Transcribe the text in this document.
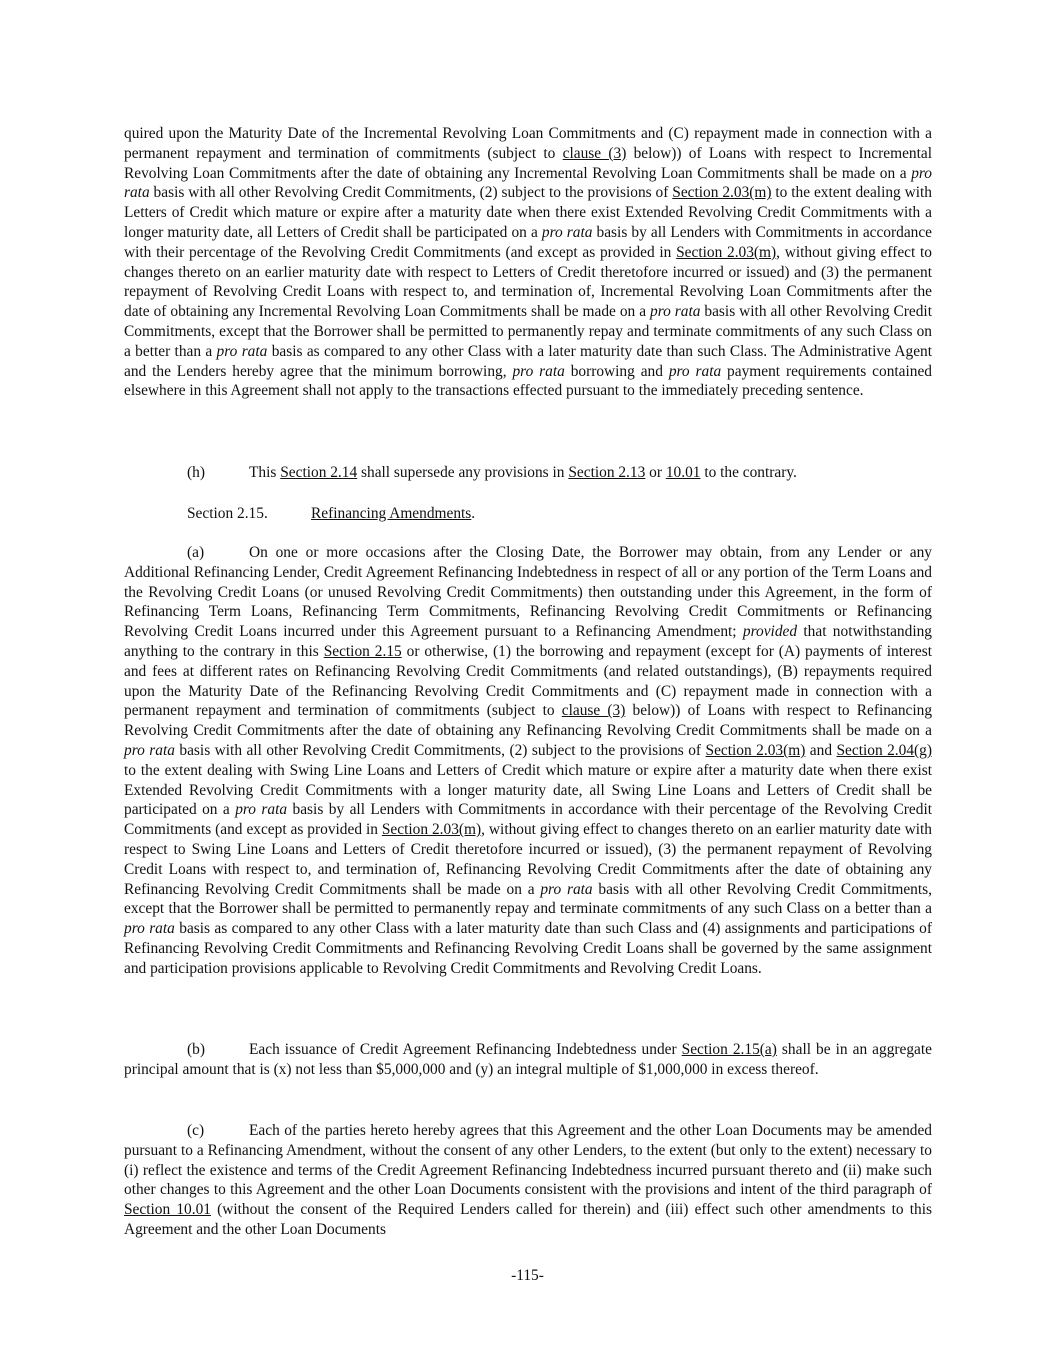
quired upon the Maturity Date of the Incremental Revolving Loan Commitments and (C) repayment made in connection with a permanent repayment and termination of commitments (subject to clause (3) below)) of Loans with respect to Incremental Revolving Loan Commitments after the date of obtaining any Incremental Revolving Loan Commitments shall be made on a pro rata basis with all other Revolving Credit Commitments, (2) subject to the provisions of Section 2.03(m) to the extent dealing with Letters of Credit which mature or expire after a maturity date when there exist Extended Revolving Credit Commitments with a longer maturity date, all Letters of Credit shall be participated on a pro rata basis by all Lenders with Commitments in accordance with their percentage of the Revolving Credit Commitments (and except as provided in Section 2.03(m), without giving effect to changes thereto on an earlier maturity date with respect to Letters of Credit theretofore incurred or issued) and (3) the permanent repayment of Revolving Credit Loans with respect to, and termination of, Incremental Revolving Loan Commitments after the date of obtaining any Incremental Revolving Loan Commitments shall be made on a pro rata basis with all other Revolving Credit Commitments, except that the Borrower shall be permitted to permanently repay and terminate commitments of any such Class on a better than a pro rata basis as compared to any other Class with a later maturity date than such Class. The Administrative Agent and the Lenders hereby agree that the minimum borrowing, pro rata borrowing and pro rata payment requirements contained elsewhere in this Agreement shall not apply to the transactions effected pursuant to the immediately preceding sentence.

(h)	This Section 2.14 shall supersede any provisions in Section 2.13 or 10.01 to the contrary.

Section 2.15.	Refinancing Amendments.

(a)	On one or more occasions after the Closing Date, the Borrower may obtain, from any Lender or any Additional Refinancing Lender, Credit Agreement Refinancing Indebtedness in respect of all or any portion of the Term Loans and the Revolving Credit Loans (or unused Revolving Credit Commitments) then outstanding under this Agreement, in the form of Refinancing Term Loans, Refinancing Term Commitments, Refinancing Revolving Credit Commitments or Refinancing Revolving Credit Loans incurred under this Agreement pursuant to a Refinancing Amendment; provided that notwithstanding anything to the contrary in this Section 2.15 or otherwise, (1) the borrowing and repayment (except for (A) payments of interest and fees at different rates on Refinancing Revolving Credit Commitments (and related outstandings), (B) repayments required upon the Maturity Date of the Refinancing Revolving Credit Commitments and (C) repayment made in connection with a permanent repayment and termination of commitments (subject to clause (3) below)) of Loans with respect to Refinancing Revolving Credit Commitments after the date of obtaining any Refinancing Revolving Credit Commitments shall be made on a pro rata basis with all other Revolving Credit Commitments, (2) subject to the provisions of Section 2.03(m) and Section 2.04(g) to the extent dealing with Swing Line Loans and Letters of Credit which mature or expire after a maturity date when there exist Extended Revolving Credit Commitments with a longer maturity date, all Swing Line Loans and Letters of Credit shall be participated on a pro rata basis by all Lenders with Commitments in accordance with their percentage of the Revolving Credit Commitments (and except as provided in Section 2.03(m), without giving effect to changes thereto on an earlier maturity date with respect to Swing Line Loans and Letters of Credit theretofore incurred or issued), (3) the permanent repayment of Revolving Credit Loans with respect to, and termination of, Refinancing Revolving Credit Commitments after the date of obtaining any Refinancing Revolving Credit Commitments shall be made on a pro rata basis with all other Revolving Credit Commitments, except that the Borrower shall be permitted to permanently repay and terminate commitments of any such Class on a better than a pro rata basis as compared to any other Class with a later maturity date than such Class and (4) assignments and participations of Refinancing Revolving Credit Commitments and Refinancing Revolving Credit Loans shall be governed by the same assignment and participation provisions applicable to Revolving Credit Commitments and Revolving Credit Loans.

(b)	Each issuance of Credit Agreement Refinancing Indebtedness under Section 2.15(a) shall be in an aggregate principal amount that is (x) not less than $5,000,000 and (y) an integral multiple of $1,000,000 in excess thereof.

(c)	Each of the parties hereto hereby agrees that this Agreement and the other Loan Documents may be amended pursuant to a Refinancing Amendment, without the consent of any other Lenders, to the extent (but only to the extent) necessary to (i) reflect the existence and terms of the Credit Agreement Refinancing Indebtedness incurred pursuant thereto and (ii) make such other changes to this Agreement and the other Loan Documents consistent with the provisions and intent of the third paragraph of Section 10.01 (without the consent of the Required Lenders called for therein) and (iii) effect such other amendments to this Agreement and the other Loan Documents

-115-
